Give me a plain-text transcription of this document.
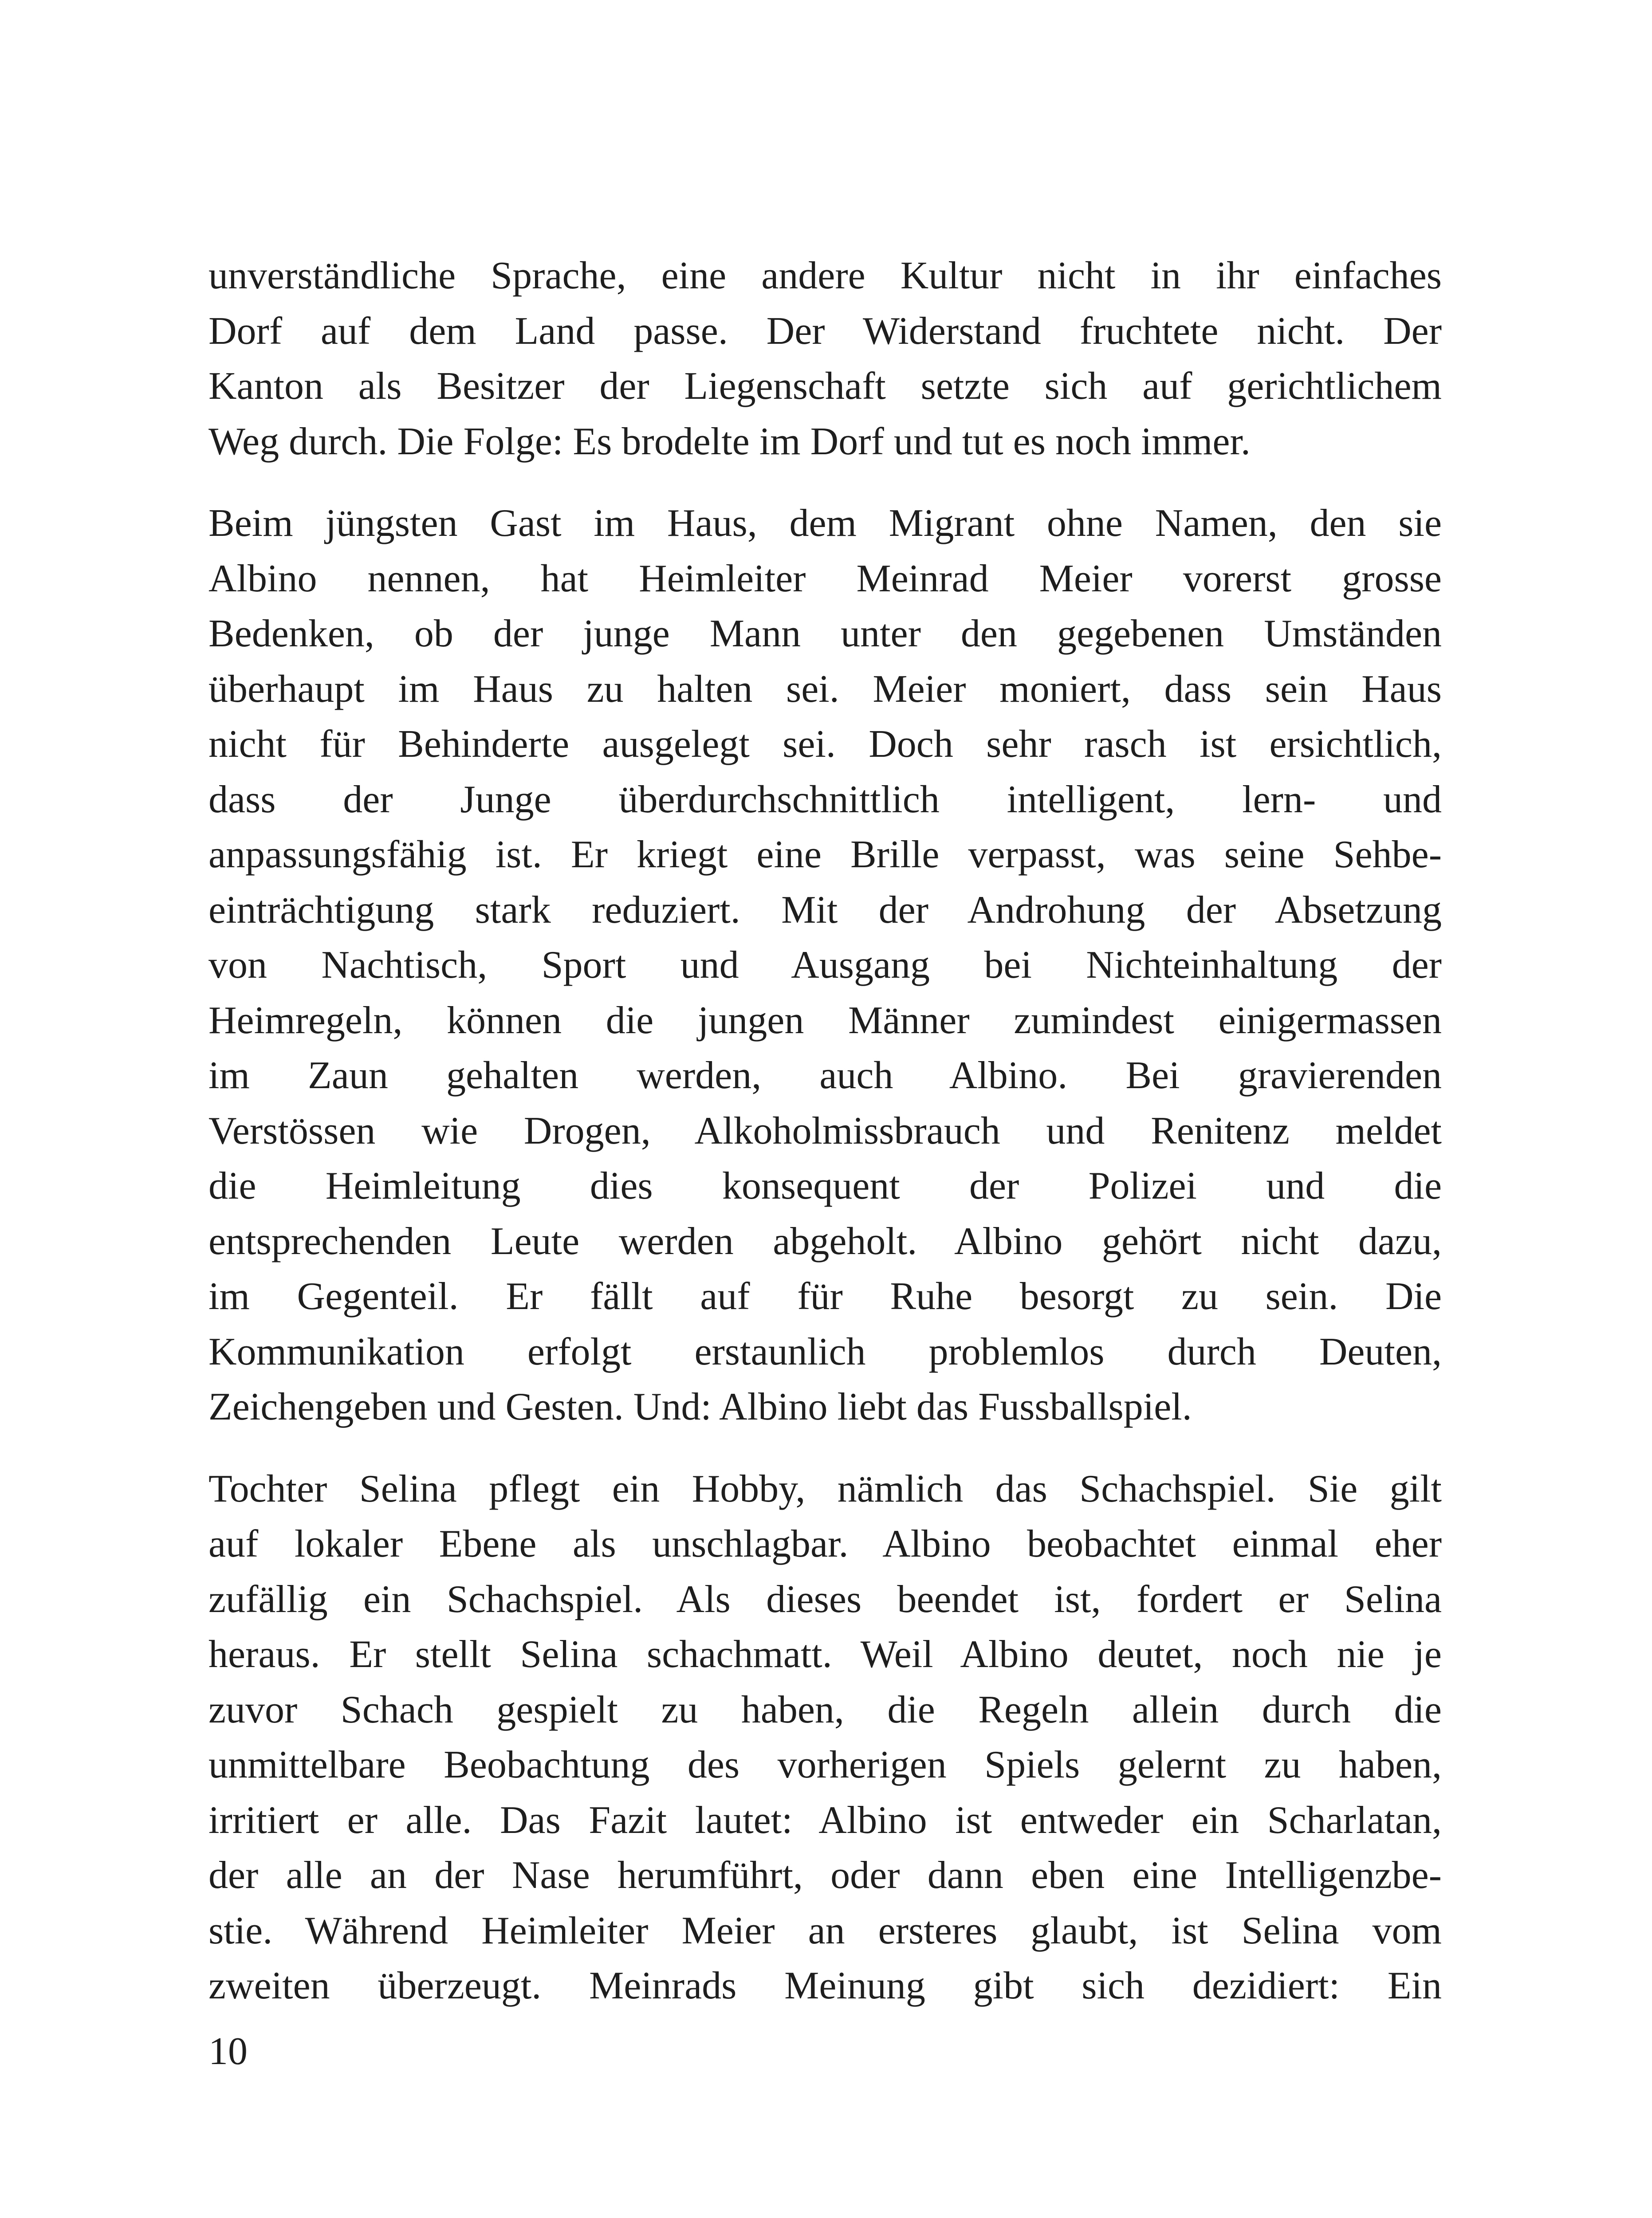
unverständliche Sprache, eine andere Kultur nicht in ihr einfaches
Dorf auf dem Land passe. Der Widerstand fruchtete nicht. Der
Kanton als Besitzer der Liegenschaft setzte sich auf gerichtlichem
Weg durch. Die Folge: Es brodelte im Dorf und tut es noch immer.

Beim jüngsten Gast im Haus, dem Migrant ohne Namen, den sie
Albino nennen, hat Heimleiter Meinrad Meier vorerst grosse
Bedenken, ob der junge Mann unter den gegebenen Umständen
überhaupt im Haus zu halten sei. Meier moniert, dass sein Haus
nicht für Behinderte ausgelegt sei. Doch sehr rasch ist ersichtlich,
dass der Junge überdurchschnittlich intelligent, lern- und
anpassungsfähig ist. Er kriegt eine Brille verpasst, was seine Sehbe-
einträchtigung stark reduziert. Mit der Androhung der Absetzung
von Nachtisch, Sport und Ausgang bei Nichteinhaltung der
Heimregeln, können die jungen Männer zumindest einigermassen
im Zaun gehalten werden, auch Albino. Bei gravierenden
Verstössen wie Drogen, Alkoholmissbrauch und Renitenz meldet
die Heimleitung dies konsequent der Polizei und die
entsprechenden Leute werden abgeholt. Albino gehört nicht dazu,
im Gegenteil. Er fällt auf für Ruhe besorgt zu sein. Die
Kommunikation erfolgt erstaunlich problemlos durch Deuten,
Zeichengeben und Gesten. Und: Albino liebt das Fussballspiel.

Tochter Selina pflegt ein Hobby, nämlich das Schachspiel. Sie gilt
auf lokaler Ebene als unschlagbar. Albino beobachtet einmal eher
zufällig ein Schachspiel. Als dieses beendet ist, fordert er Selina
heraus. Er stellt Selina schachmatt. Weil Albino deutet, noch nie je
zuvor Schach gespielt zu haben, die Regeln allein durch die
unmittelbare Beobachtung des vorherigen Spiels gelernt zu haben,
irritiert er alle. Das Fazit lautet: Albino ist entweder ein Scharlatan,
der alle an der Nase herumführt, oder dann eben eine Intelligenzbe-
stie. Während Heimleiter Meier an ersteres glaubt, ist Selina vom
zweiten überzeugt. Meinrads Meinung gibt sich dezidiert: Ein

10
